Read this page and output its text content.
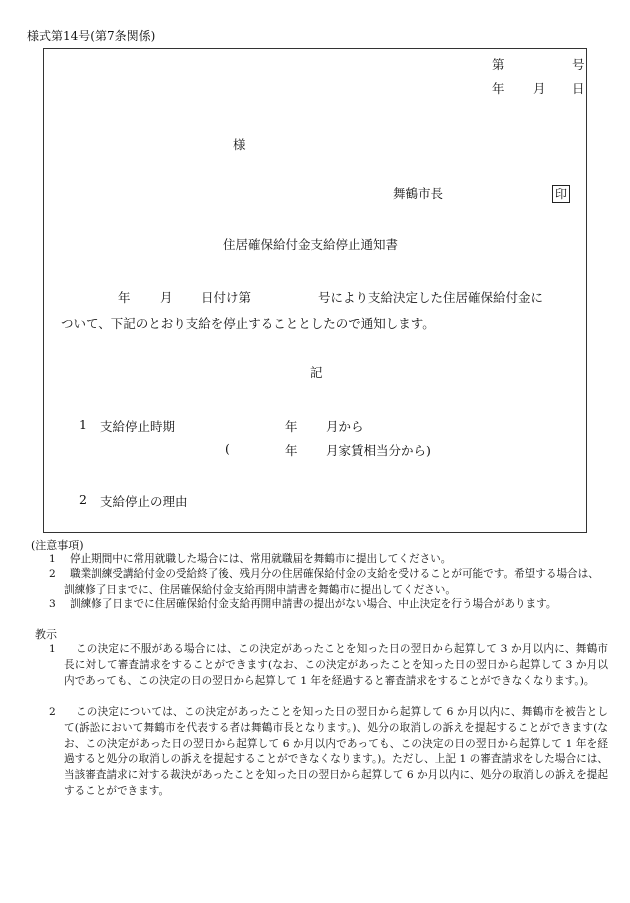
様式第14号(第7条関係)
第	号
年 月 日
様
舞鶴市長	印
住居確保給付金支給停止通知書
年 月 日付け第	号により支給決定した住居確保給付金に
ついて、下記のとおり支給を停止することとしたので通知します。
記
1 支給停止時期	年 月から
(	年 月家賃相当分から)
2 支給停止の理由
(注意事項)
1	停止期間中に常用就職した場合には、常用就職届を舞鶴市に提出してください。
2	職業訓練受講給付金の受給終了後、残月分の住居確保給付金の支給を受けることが可能です。希望する場合は、訓練修了日までに、住居確保給付金支給再開申請書を舞鶴市に提出してください。
3	訓練修了日までに住居確保給付金支給再開申請書の提出がない場合、中止決定を行う場合があります。
教示
1	この決定に不服がある場合には、この決定があったことを知った日の翌日から起算して 3 か月以内に、舞鶴市長に対して審査請求をすることができます(なお、この決定があったことを知った日の翌日から起算して 3 か月以内であっても、この決定の日の翌日から起算して 1 年を経過すると審査請求をすることができなくなります。)。
2	この決定については、この決定があったことを知った日の翌日から起算して 6 か月以内に、舞鶴市を被告として(訴訟において舞鶴市を代表する者は舞鶴市長となります。)、処分の取消しの訴えを提起することができます(なお、この決定があった日の翌日から起算して 6 か月以内であっても、この決定の日の翌日から起算して 1 年を経過すると処分の取消しの訴えを提起することができなくなります。)。ただし、上記 1 の審査請求をした場合には、当該審査請求に対する裁決があったことを知った日の翌日から起算して 6 か月以内に、処分の取消しの訴えを提起することができます。
